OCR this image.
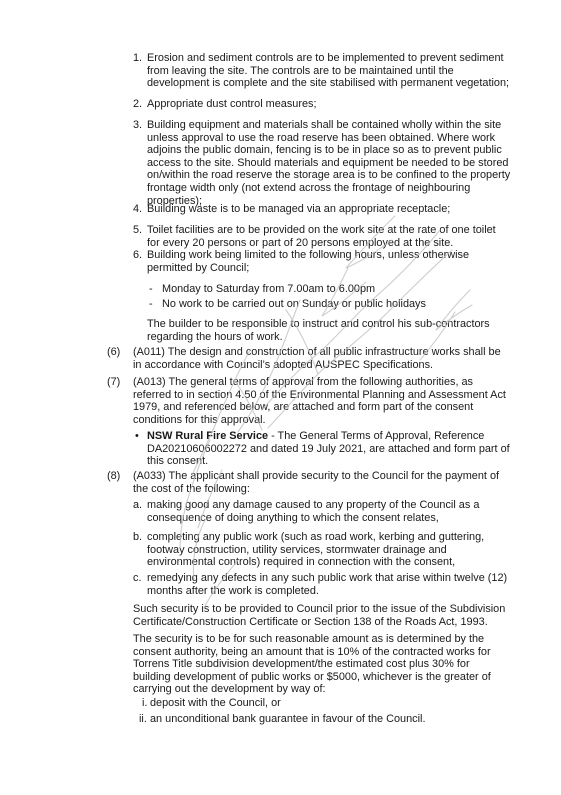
1. Erosion and sediment controls are to be implemented to prevent sediment
from leaving the site. The controls are to be maintained until the
development is complete and the site stabilised with permanent vegetation;
2. Appropriate dust control measures;
3. Building equipment and materials shall be contained wholly within the site
unless approval to use the road reserve has been obtained. Where work
adjoins the public domain, fencing is to be in place so as to prevent public
access to the site. Should materials and equipment be needed to be stored
on/within the road reserve the storage area is to be confined to the property
frontage width only (not extend across the frontage of neighbouring
properties);
4. Building waste is to be managed via an appropriate receptacle;
5. Toilet facilities are to be provided on the work site at the rate of one toilet
for every 20 persons or part of 20 persons employed at the site.
6. Building work being limited to the following hours, unless otherwise
permitted by Council;
- Monday to Saturday from 7.00am to 6.00pm
- No work to be carried out on Sunday or public holidays
The builder to be responsible to instruct and control his sub-contractors
regarding the hours of work.
(6) (A011) The design and construction of all public infrastructure works shall be
in accordance with Council’s adopted AUSPEC Specifications.
(7) (A013) The general terms of approval from the following authorities, as
referred to in section 4.50 of the Environmental Planning and Assessment Act
1979, and referenced below, are attached and form part of the consent
conditions for this approval.
• NSW Rural Fire Service - The General Terms of Approval, Reference
DA20210606002272 and dated 19 July 2021, are attached and form part of
this consent.
(8) (A033) The applicant shall provide security to the Council for the payment of
the cost of the following:
a. making good any damage caused to any property of the Council as a
consequence of doing anything to which the consent relates,
b. completing any public work (such as road work, kerbing and guttering,
footway construction, utility services, stormwater drainage and
environmental controls) required in connection with the consent,
c. remedying any defects in any such public work that arise within twelve (12)
months after the work is completed.
Such security is to be provided to Council prior to the issue of the Subdivision
Certificate/Construction Certificate or Section 138 of the Roads Act, 1993.
The security is to be for such reasonable amount as is determined by the
consent authority, being an amount that is 10% of the contracted works for
Torrens Title subdivision development/the estimated cost plus 30% for
building development of public works or $5000, whichever is the greater of
carrying out the development by way of:
i. deposit with the Council, or
ii. an unconditional bank guarantee in favour of the Council.
